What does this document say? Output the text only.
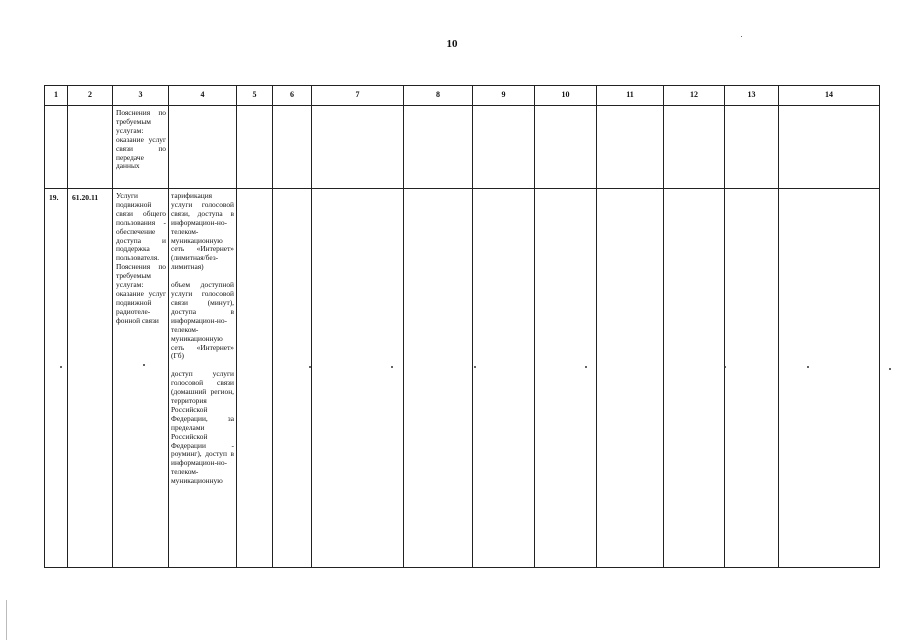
10
1	2	3	4	5	6	7	8	9	10	11	12	13	14

		Пояснения по требуемым услугам: оказание услуг связи по передаче данных											

19.	61.20.11	Услуги подвижной связи общего пользования - обеспечение доступа и поддержка пользователя. Пояснения по требуемым услугам: оказание услуг подвижной радиотеле-фонной связи	тарификация услуги голосовой связи, доступа в информацион-но-телеком-муникационную сеть «Интернет» (лимитная/без-лимитная)

объем доступной услуги голосовой связи (минут), доступа в информацион-но-телеком-муникационную сеть «Интернет» (Гб)

доступ услуги голосовой связи (домашний регион, территория Российской Федерации, за пределами Российской Федерации - роуминг), доступ в информацион-но-телеком-муникационную										
